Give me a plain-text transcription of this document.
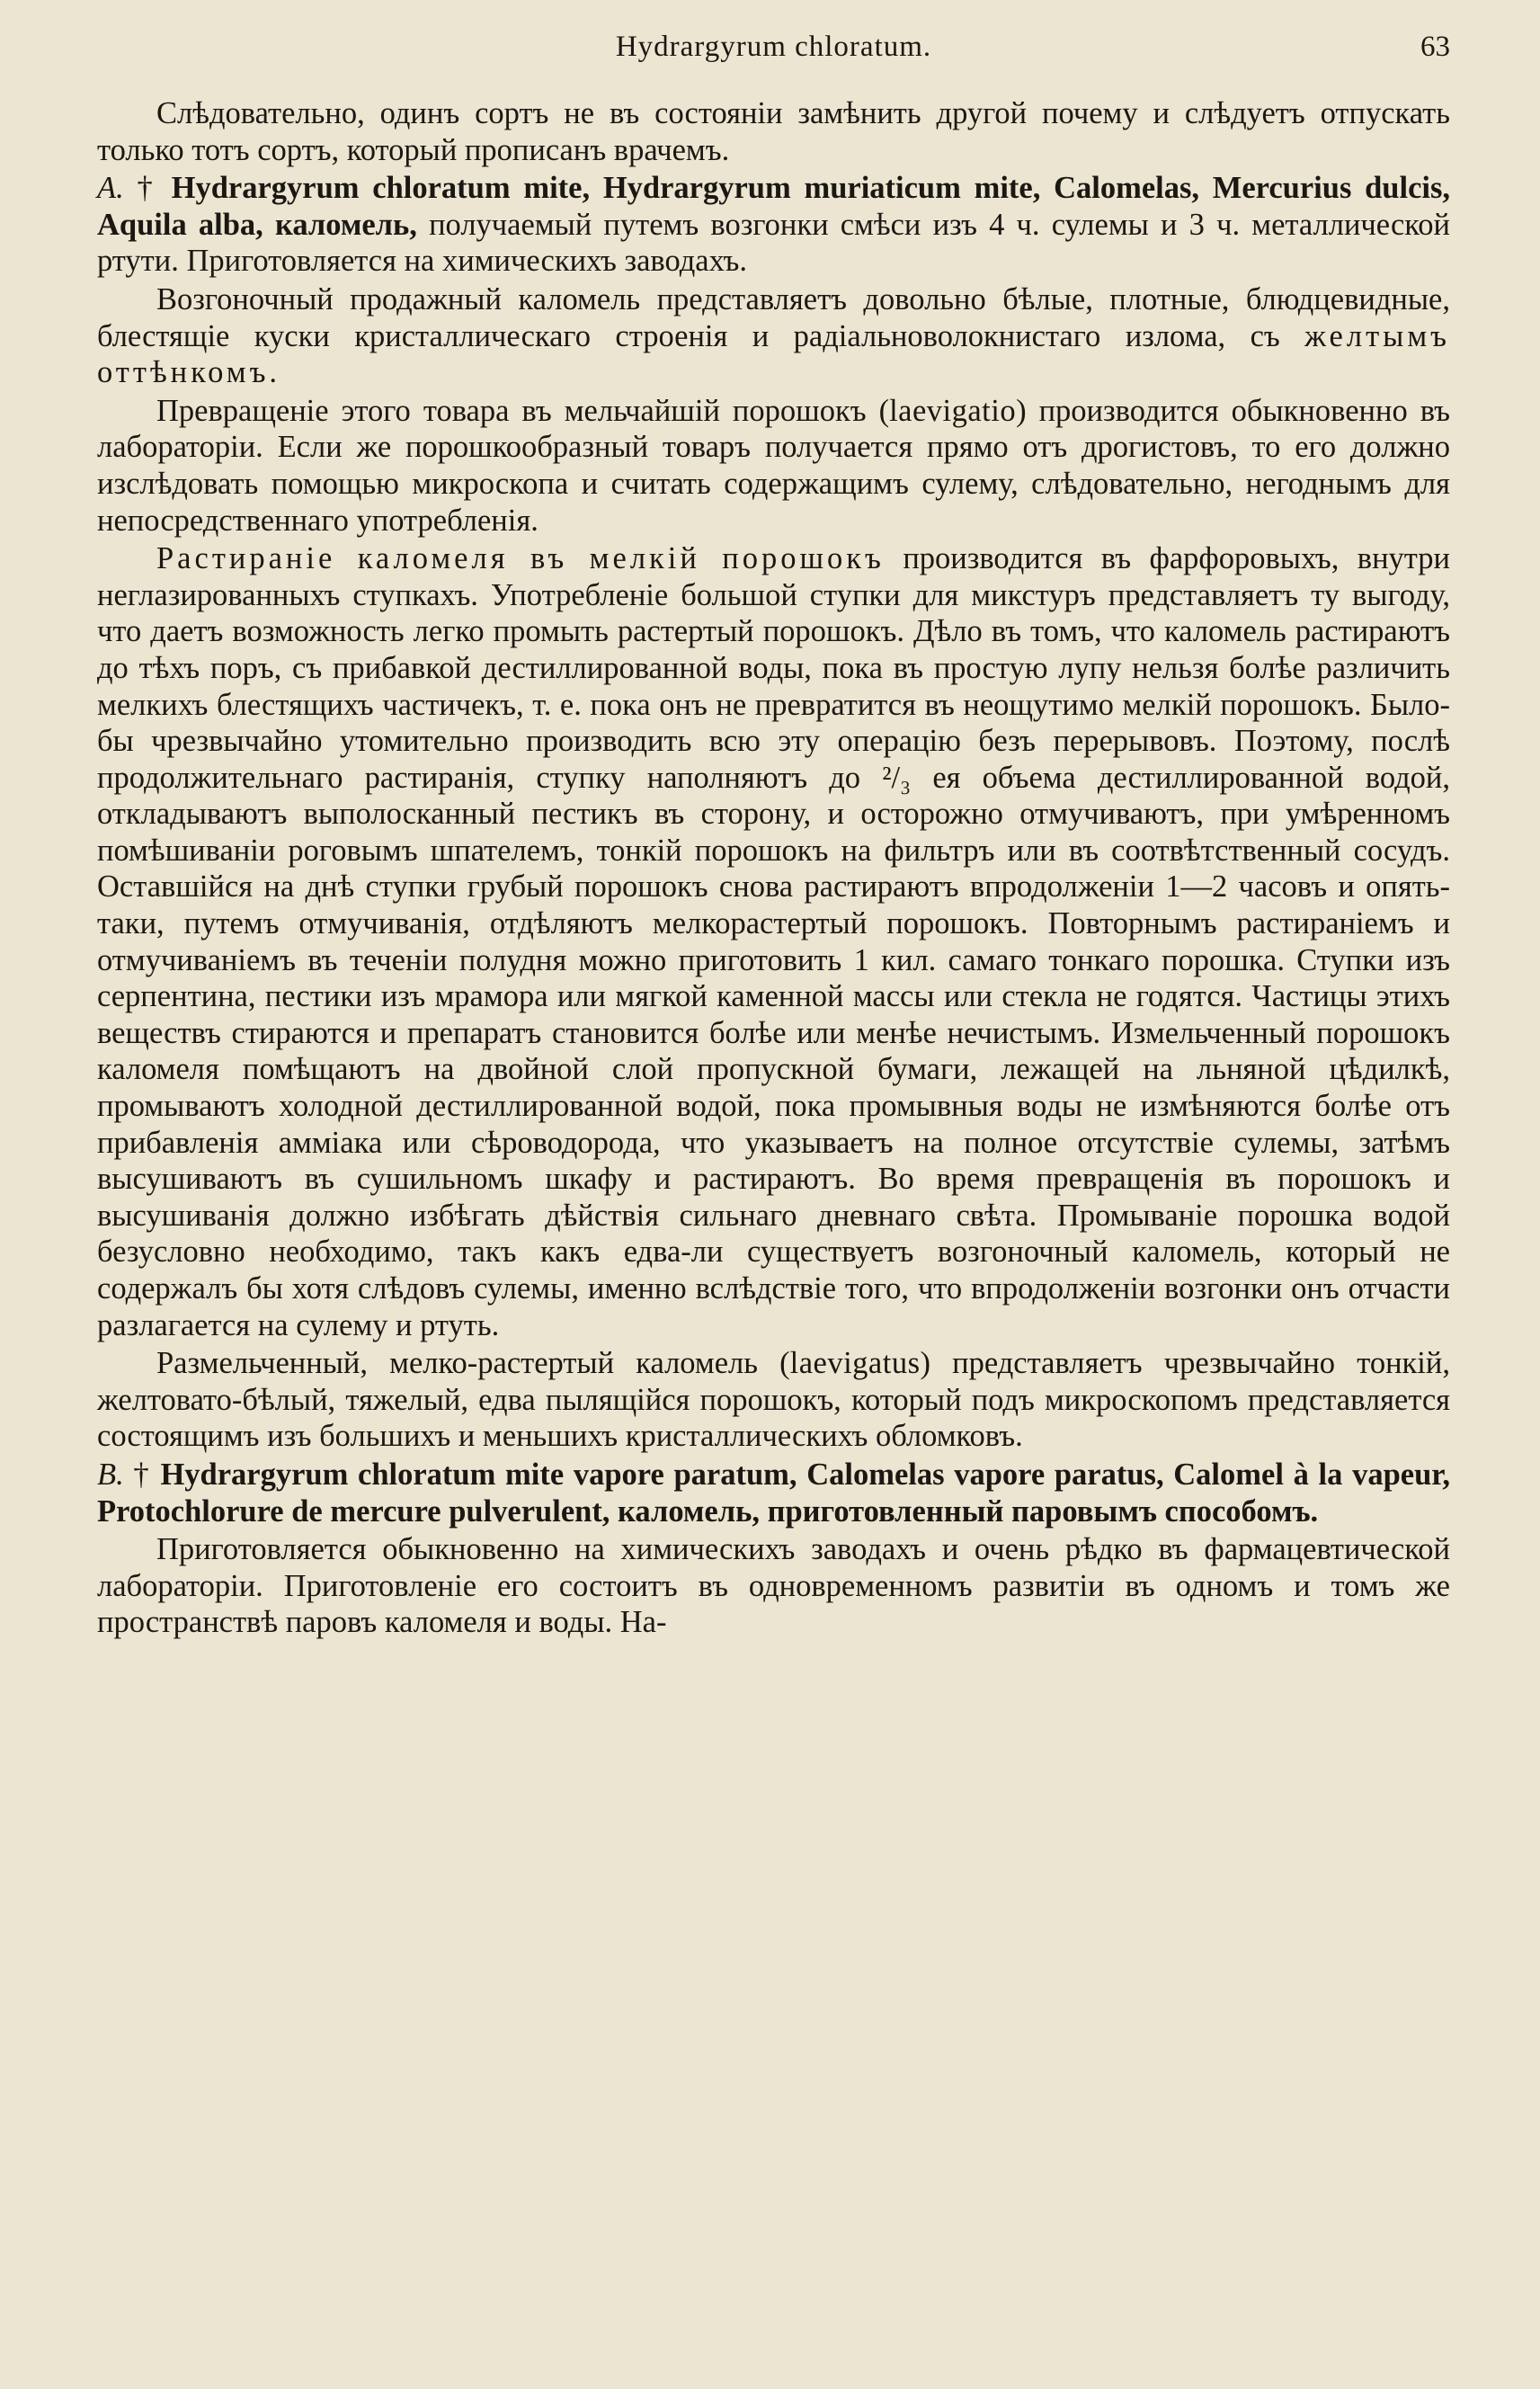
Hydrargyrum chloratum.	63

Слѣдовательно, одинъ сортъ не въ состоянiи замѣнить другой почему и слѣдуетъ отпускать только тотъ сортъ, который прописанъ врачемъ.

A. † Hydrargyrum chloratum mite, Hydrargyrum muriaticum mite, Calomelas, Mercurius dulcis, Aquila alba, каломель, получаемый путемъ возгонки смѣси изъ 4 ч. сулемы и 3 ч. металлической ртути. Приготовляется на химическихъ заводахъ.

Возгоночный продажный каломель представляетъ довольно бѣлые, плотные, блюдцевидные, блестящiе куски кристаллическаго строенiя и радiальноволокнистаго излома, съ желтымъ оттѣнкомъ.

Превращенiе этого товара въ мельчайшiй порошокъ (laevigatio) производится обыкновенно въ лабораторiи. Если же порошкообразный товаръ получается прямо отъ дрогистовъ, то его должно изслѣдовать помощью микроскопа и считать содержащимъ сулему, слѣдовательно, негоднымъ для непосредственнаго употребленiя.

Растиранiе каломеля въ мелкiй порошокъ производится въ фарфоровыхъ, внутри неглазированныхъ ступкахъ. Употребленiе большой ступки для микстуръ представляетъ ту выгоду, что даетъ возможность легко промыть растертый порошокъ. Дѣло въ томъ, что каломель растираютъ до тѣхъ поръ, съ прибавкой дестиллированной воды, пока въ простую лупу нельзя болѣе различить мелкихъ блестящихъ частичекъ, т. е. пока онъ не превратится въ неощутимо мелкiй порошокъ. Было-бы чрезвычайно утомительно производить всю эту операцiю безъ перерывовъ. Поэтому, послѣ продолжительнаго растиранiя, ступку наполняютъ до ²/₃ ея объема дестиллированной водой, откладываютъ выполосканный пестикъ въ сторону, и осторожно отмучиваютъ, при умѣренномъ помѣшиванiи роговымъ шпателемъ, тонкiй порошокъ на фильтръ или въ соотвѣтственный сосудъ. Оставшiйся на днѣ ступки грубый порошокъ снова растираютъ впродолженiи 1—2 часовъ и опять-таки, путемъ отмучиванiя, отдѣляютъ мелкорастертый порошокъ. Повторнымъ растиранiемъ и отмучиванiемъ въ теченiи полудня можно приготовить 1 кил. самаго тонкаго порошка. Ступки изъ серпентина, пестики изъ мрамора или мягкой каменной массы или стекла не годятся. Частицы этихъ веществъ стираются и препаратъ становится болѣе или менѣе нечистымъ. Измельченный порошокъ каломеля помѣщаютъ на двойной слой пропускной бумаги, лежащей на льняной цѣдилкѣ, промываютъ холодной дестиллированной водой, пока промывныя воды не измѣняются болѣе отъ прибавленiя амміака или сѣроводорода, что указываетъ на полное отсутствiе сулемы, затѣмъ высушиваютъ въ сушильномъ шкафу и растираютъ. Во время превращенiя въ порошокъ и высушиванiя должно избѣгать дѣйствiя сильнаго дневнаго свѣта. Промыванiе порошка водой безусловно необходимо, такъ какъ едва-ли существуетъ возгоночный каломель, который не содержалъ бы хотя слѣдовъ сулемы, именно вслѣдствiе того, что впродолженiи возгонки онъ отчасти разлагается на сулему и ртуть.

Размельченный, мелко-растертый каломель (laevigatus) представляетъ чрезвычайно тонкiй, желтовато-бѣлый, тяжелый, едва пылящiйся порошокъ, который подъ микроскопомъ представляется состоящимъ изъ большихъ и меньшихъ кристаллическихъ обломковъ.

B. † Hydrargyrum chloratum mite vapore paratum, Calomelas vapore paratus, Calomel à la vapeur, Protochlorure de mercure pulverulent, каломель, приготовленный паровымъ способомъ.

Приготовляется обыкновенно на химическихъ заводахъ и очень рѣдко въ фармацевтической лабораторiи. Приготовленiе его состоитъ въ одновременномъ развитiи въ одномъ и томъ же пространствѣ паровъ каломеля и воды. На-
